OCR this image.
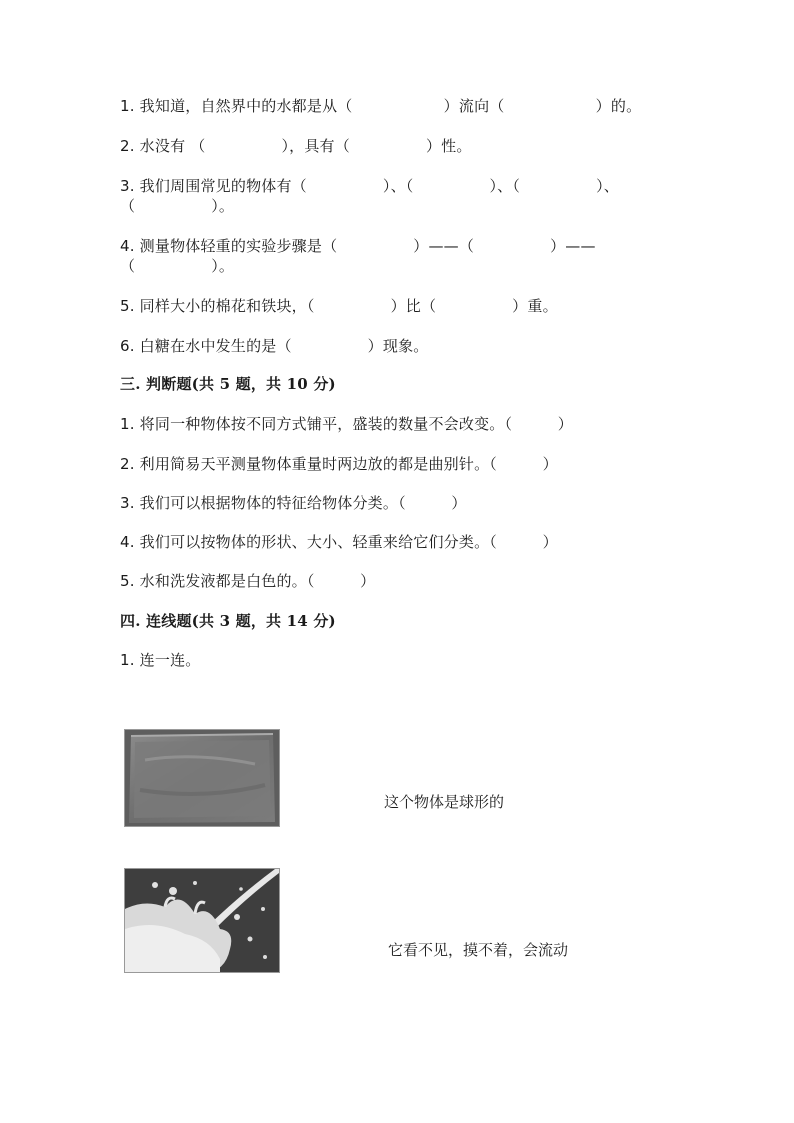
1. 我知道，自然界中的水都是从（　　　　　　）流向（　　　　　　）的。
2. 水没有 （　　　　　），具有（　　　　　）性。
3. 我们周围常见的物体有（　　　　　）、（　　　　　）、（　　　　　）、
（　　　　　）。
4. 测量物体轻重的实验步骤是（　　　　　）——（　　　　　）——
（　　　　　）。
5. 同样大小的棉花和铁块，（　　　　　）比（　　　　　）重。
6. 白糖在水中发生的是（　　　　　）现象。
三. 判断题(共 5 题，共 10 分)
1. 将同一种物体按不同方式铺平，盛装的数量不会改变。（　　　）
2. 利用简易天平测量物体重量时两边放的都是曲别针。（　　　）
3. 我们可以根据物体的特征给物体分类。（　　　）
4. 我们可以按物体的形状、大小、轻重来给它们分类。（　　　）
5. 水和洗发液都是白色的。（　　　）
四. 连线题(共 3 题，共 14 分)
1. 连一连。
这个物体是球形的
它看不见，摸不着，会流动
